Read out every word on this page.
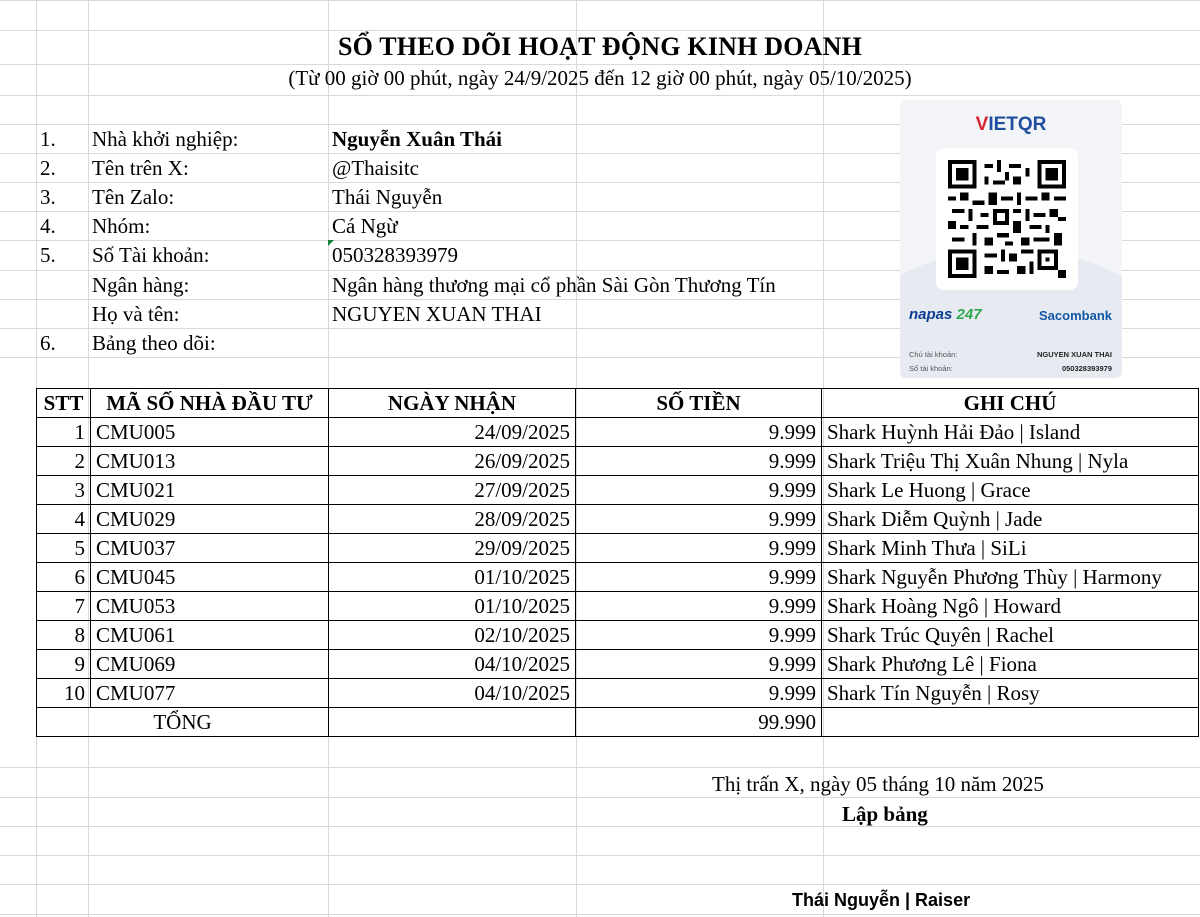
SỔ THEO DÕI HOẠT ĐỘNG KINH DOANH
(Từ 00 giờ 00 phút, ngày 24/9/2025 đến 12 giờ 00 phút, ngày 05/10/2025)
1. Nhà khởi nghiệp:	Nguyễn Xuân Thái
2. Tên trên X:	@Thaisitc
3. Tên Zalo:	Thái Nguyễn
4. Nhóm:	Cá Ngừ
5. Số Tài khoản:	050328393979
Ngân hàng:	Ngân hàng thương mại cổ phần Sài Gòn Thương Tín
Họ và tên:	NGUYEN XUAN THAI
6. Bảng theo dõi:
VIETQR
napas 247	Sacombank
Chủ tài khoản:	NGUYEN XUAN THAI
Số tài khoản:	050328393979
STT	MÃ SỐ NHÀ ĐẦU TƯ	NGÀY NHẬN	SỐ TIỀN	GHI CHÚ
1	CMU005	24/09/2025	9.999	Shark Huỳnh Hải Đảo | Island
2	CMU013	26/09/2025	9.999	Shark Triệu Thị Xuân Nhung | Nyla
3	CMU021	27/09/2025	9.999	Shark Le Huong | Grace
4	CMU029	28/09/2025	9.999	Shark Diễm Quỳnh | Jade
5	CMU037	29/09/2025	9.999	Shark Minh Thư​a | SiLi
6	CMU045	01/10/2025	9.999	Shark Nguyễn Phương Thùy | Harmony
7	CMU053	01/10/2025	9.999	Shark Hoàng Ngô | Howard
8	CMU061	02/10/2025	9.999	Shark Trúc Quyên | Rachel
9	CMU069	04/10/2025	9.999	Shark Phương Lê | Fiona
10	CMU077	04/10/2025	9.999	Shark Tín Nguyễn | Rosy
TỔNG			99.990	
Thị trấn X, ngày 05 tháng 10 năm 2025
Lập bảng
Thái Nguyễn | Raiser
